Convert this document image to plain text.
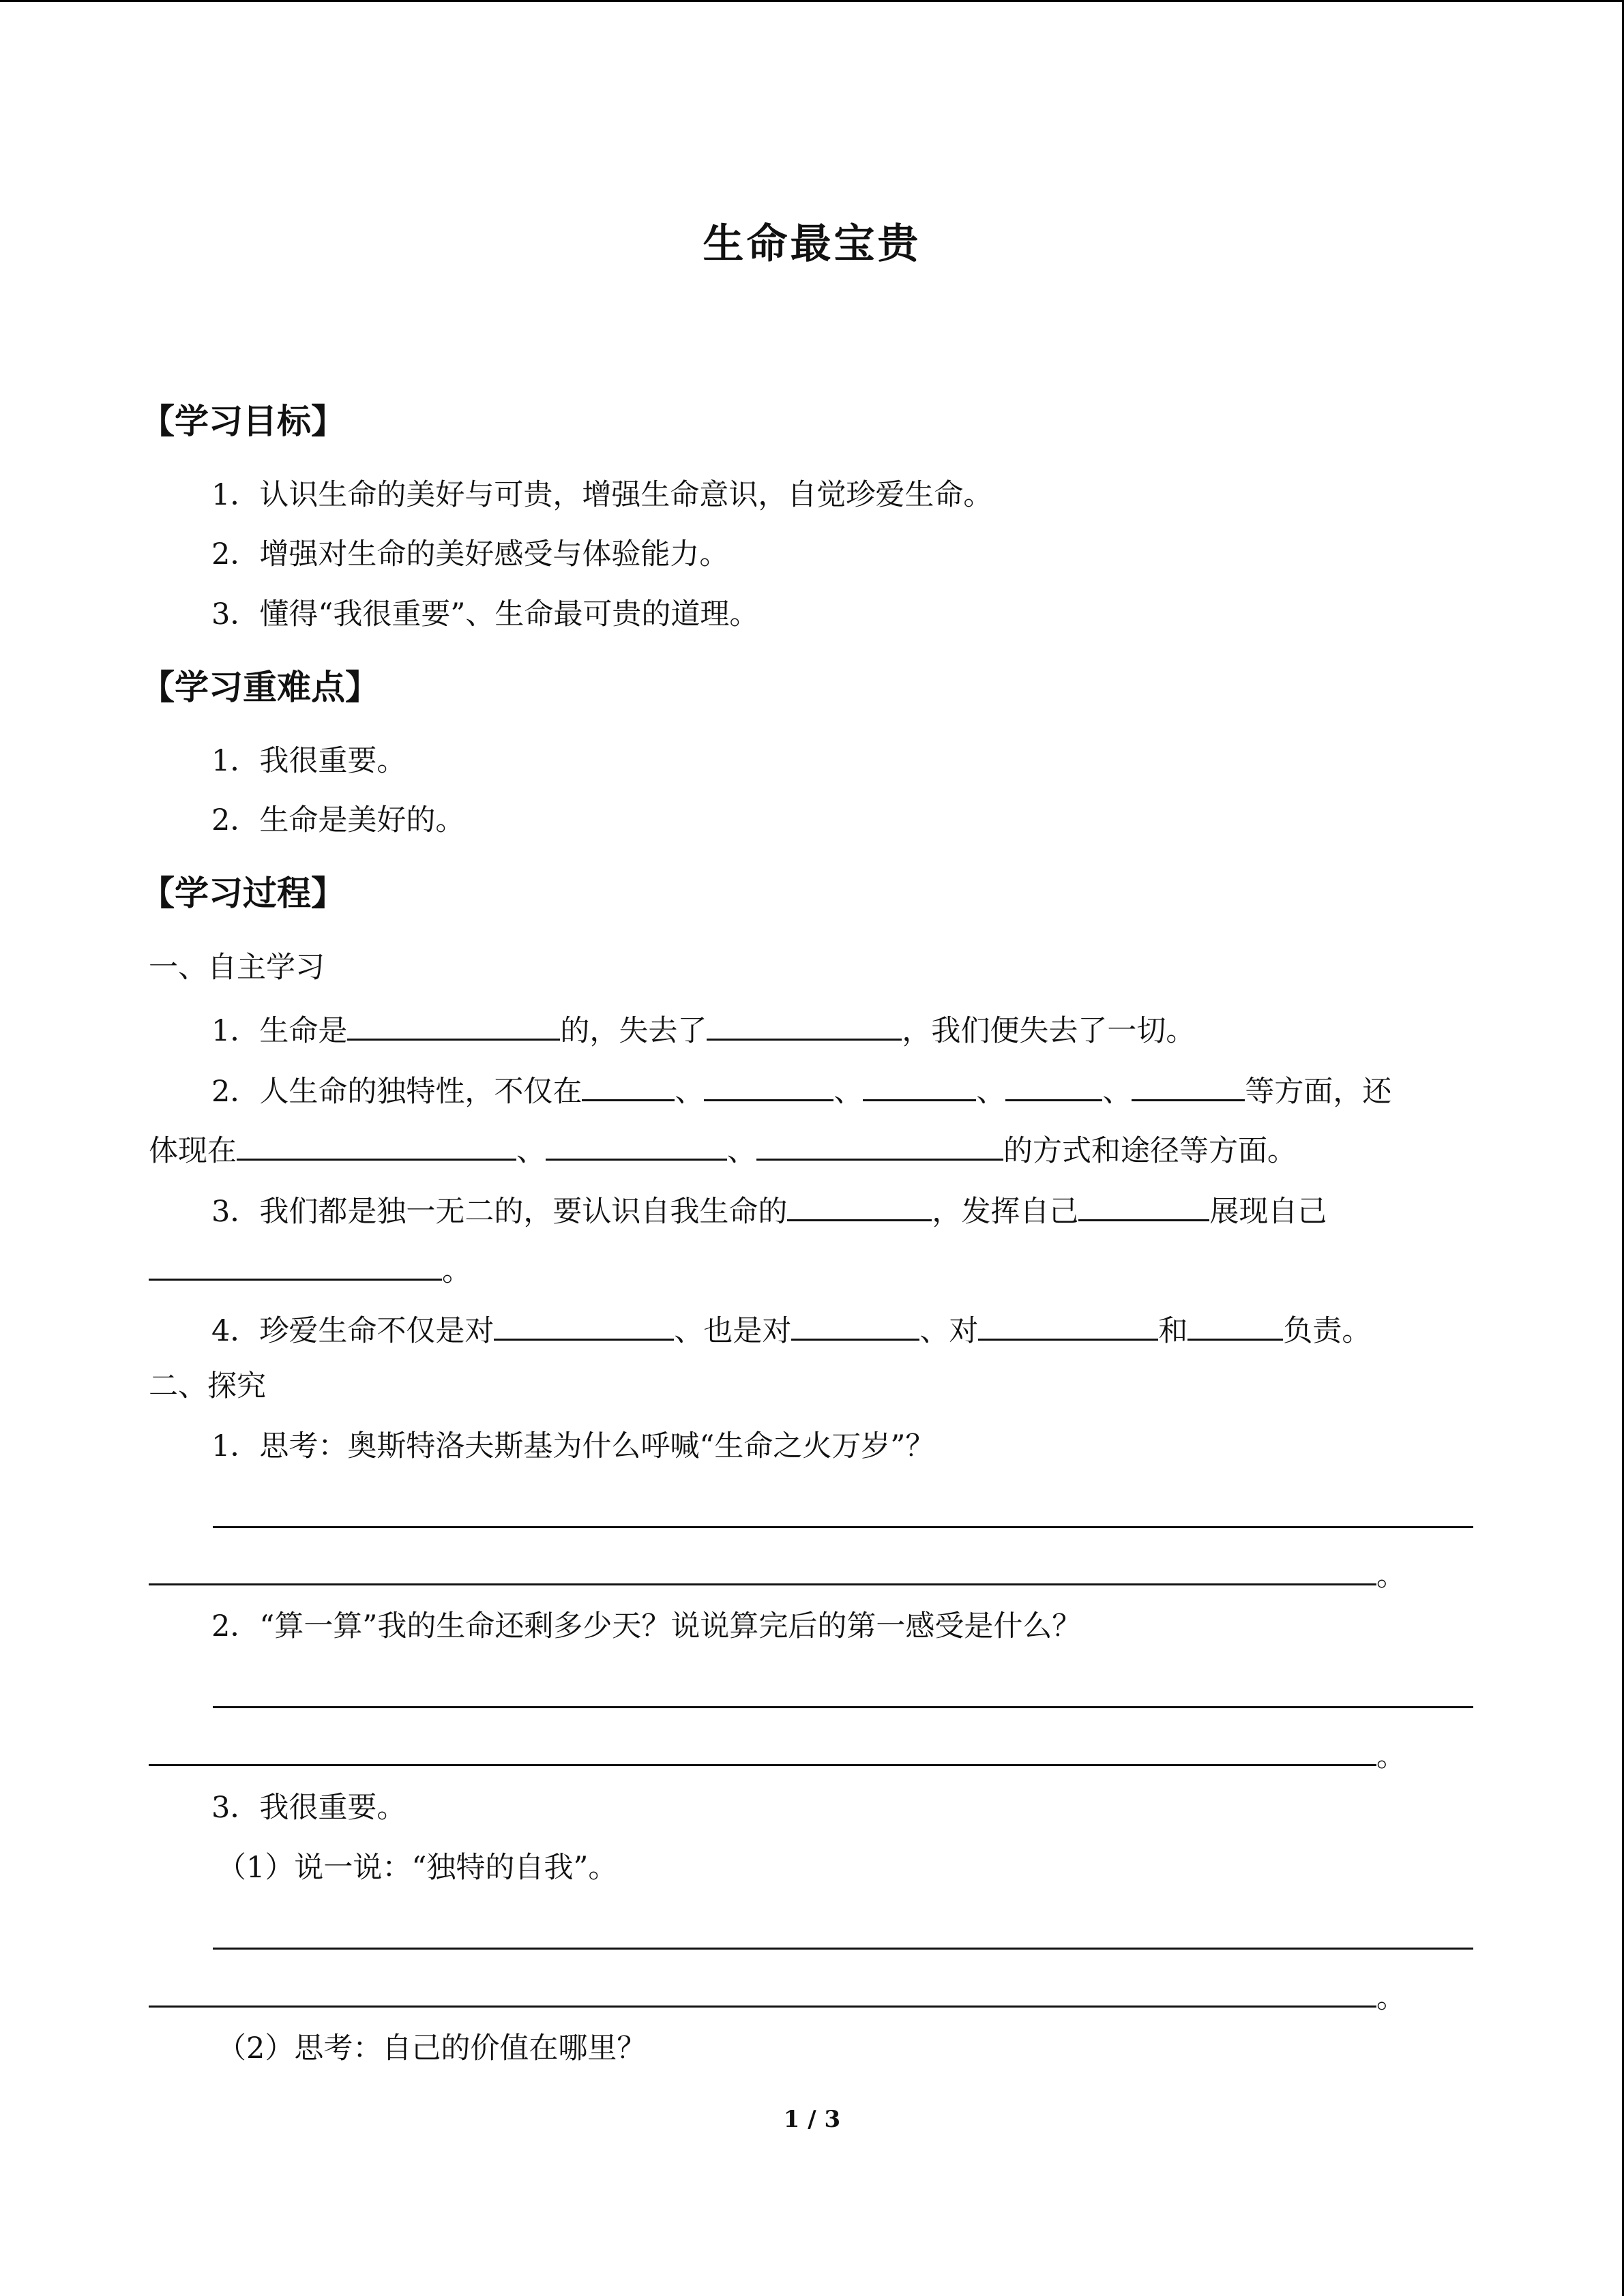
生命最宝贵
【学习目标】
1．认识生命的美好与可贵，增强生命意识，自觉珍爱生命。
2．增强对生命的美好感受与体验能力。
3．懂得“我很重要”、生命最可贵的道理。
【学习重难点】
1．我很重要。
2．生命是美好的。
【学习过程】
一、自主学习
1．生命是	的，失去了	，我们便失去了一切。
2．人生命的独特性，不仅在	、	、	、	、	等方面，还
体现在	、	、	的方式和途径等方面。
3．我们都是独一无二的，要认识自我生命的	，发挥自己	展现自己
。
4．珍爱生命不仅是对	、也是对	、对	和	负责。
二、探究
1．思考：奥斯特洛夫斯基为什么呼喊“生命之火万岁”？
。
2．“算一算”我的生命还剩多少天？说说算完后的第一感受是什么？
。
3．我很重要。
（1）说一说：“独特的自我”。
。
（2）思考：自己的价值在哪里？
1 / 3
